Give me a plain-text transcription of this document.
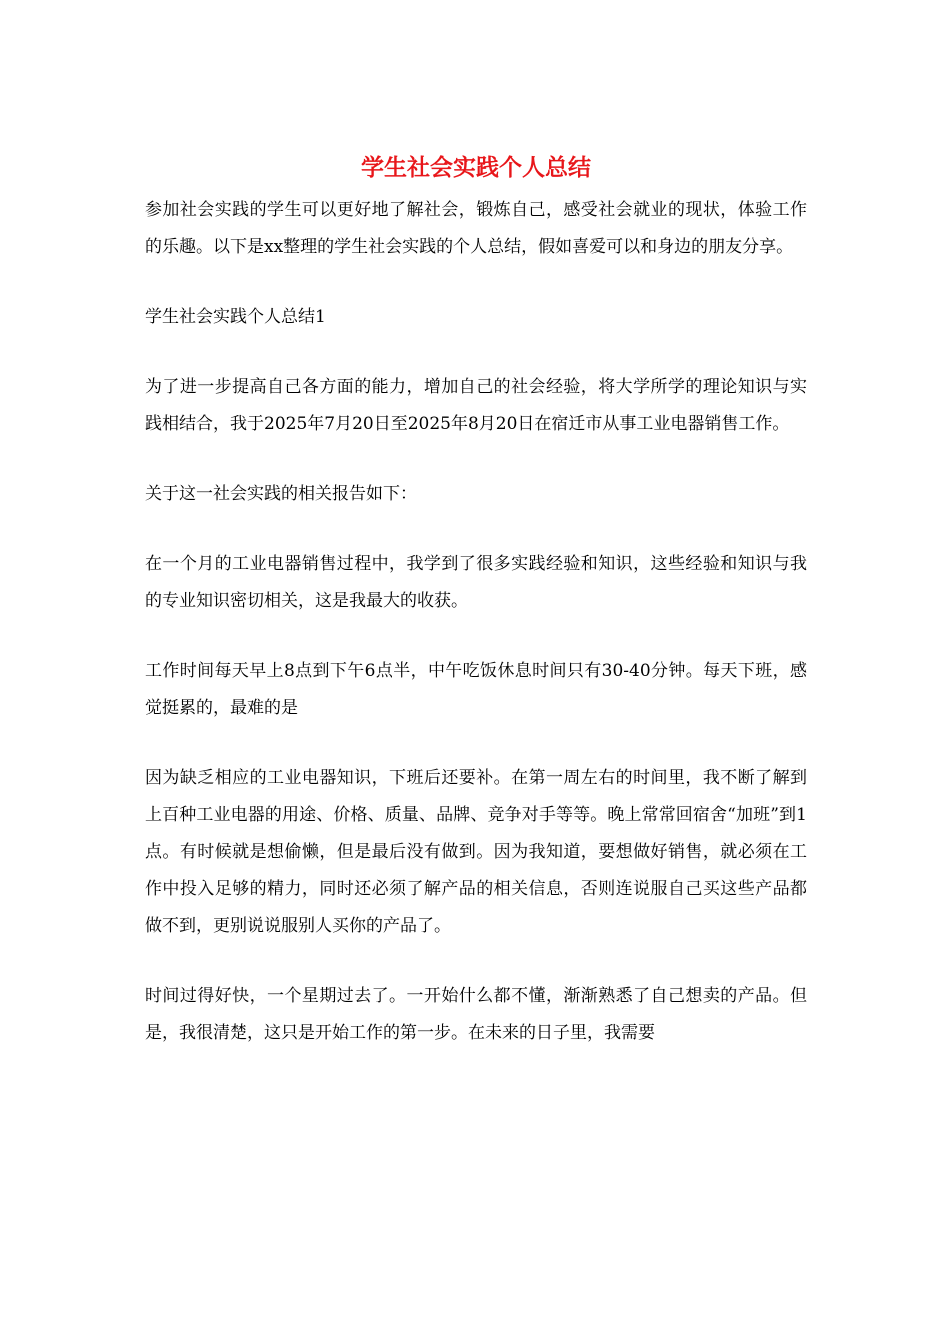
学生社会实践个人总结

参加社会实践的学生可以更好地了解社会，锻炼自己，感受社会就业的现状，体验工作的乐趣。以下是xx整理的学生社会实践的个人总结，假如喜爱可以和身边的朋友分享。

学生社会实践个人总结1

为了进一步提高自己各方面的能力，增加自己的社会经验，将大学所学的理论知识与实践相结合，我于2025年7月20日至2025年8月20日在宿迁市从事工业电器销售工作。

关于这一社会实践的相关报告如下：

在一个月的工业电器销售过程中，我学到了很多实践经验和知识，这些经验和知识与我的专业知识密切相关，这是我最大的收获。

工作时间每天早上8点到下午6点半，中午吃饭休息时间只有30-40分钟。每天下班，感觉挺累的，最难的是

因为缺乏相应的工业电器知识，下班后还要补。在第一周左右的时间里，我不断了解到上百种工业电器的用途、价格、质量、品牌、竞争对手等等。晚上常常回宿舍“加班”到1点。有时候就是想偷懒，但是最后没有做到。因为我知道，要想做好销售，就必须在工作中投入足够的精力，同时还必须了解产品的相关信息，否则连说服自己买这些产品都做不到，更别说说服别人买你的产品了。

时间过得好快，一个星期过去了。一开始什么都不懂，渐渐熟悉了自己想卖的产品。但是，我很清楚，这只是开始工作的第一步。在未来的日子里，我需要
